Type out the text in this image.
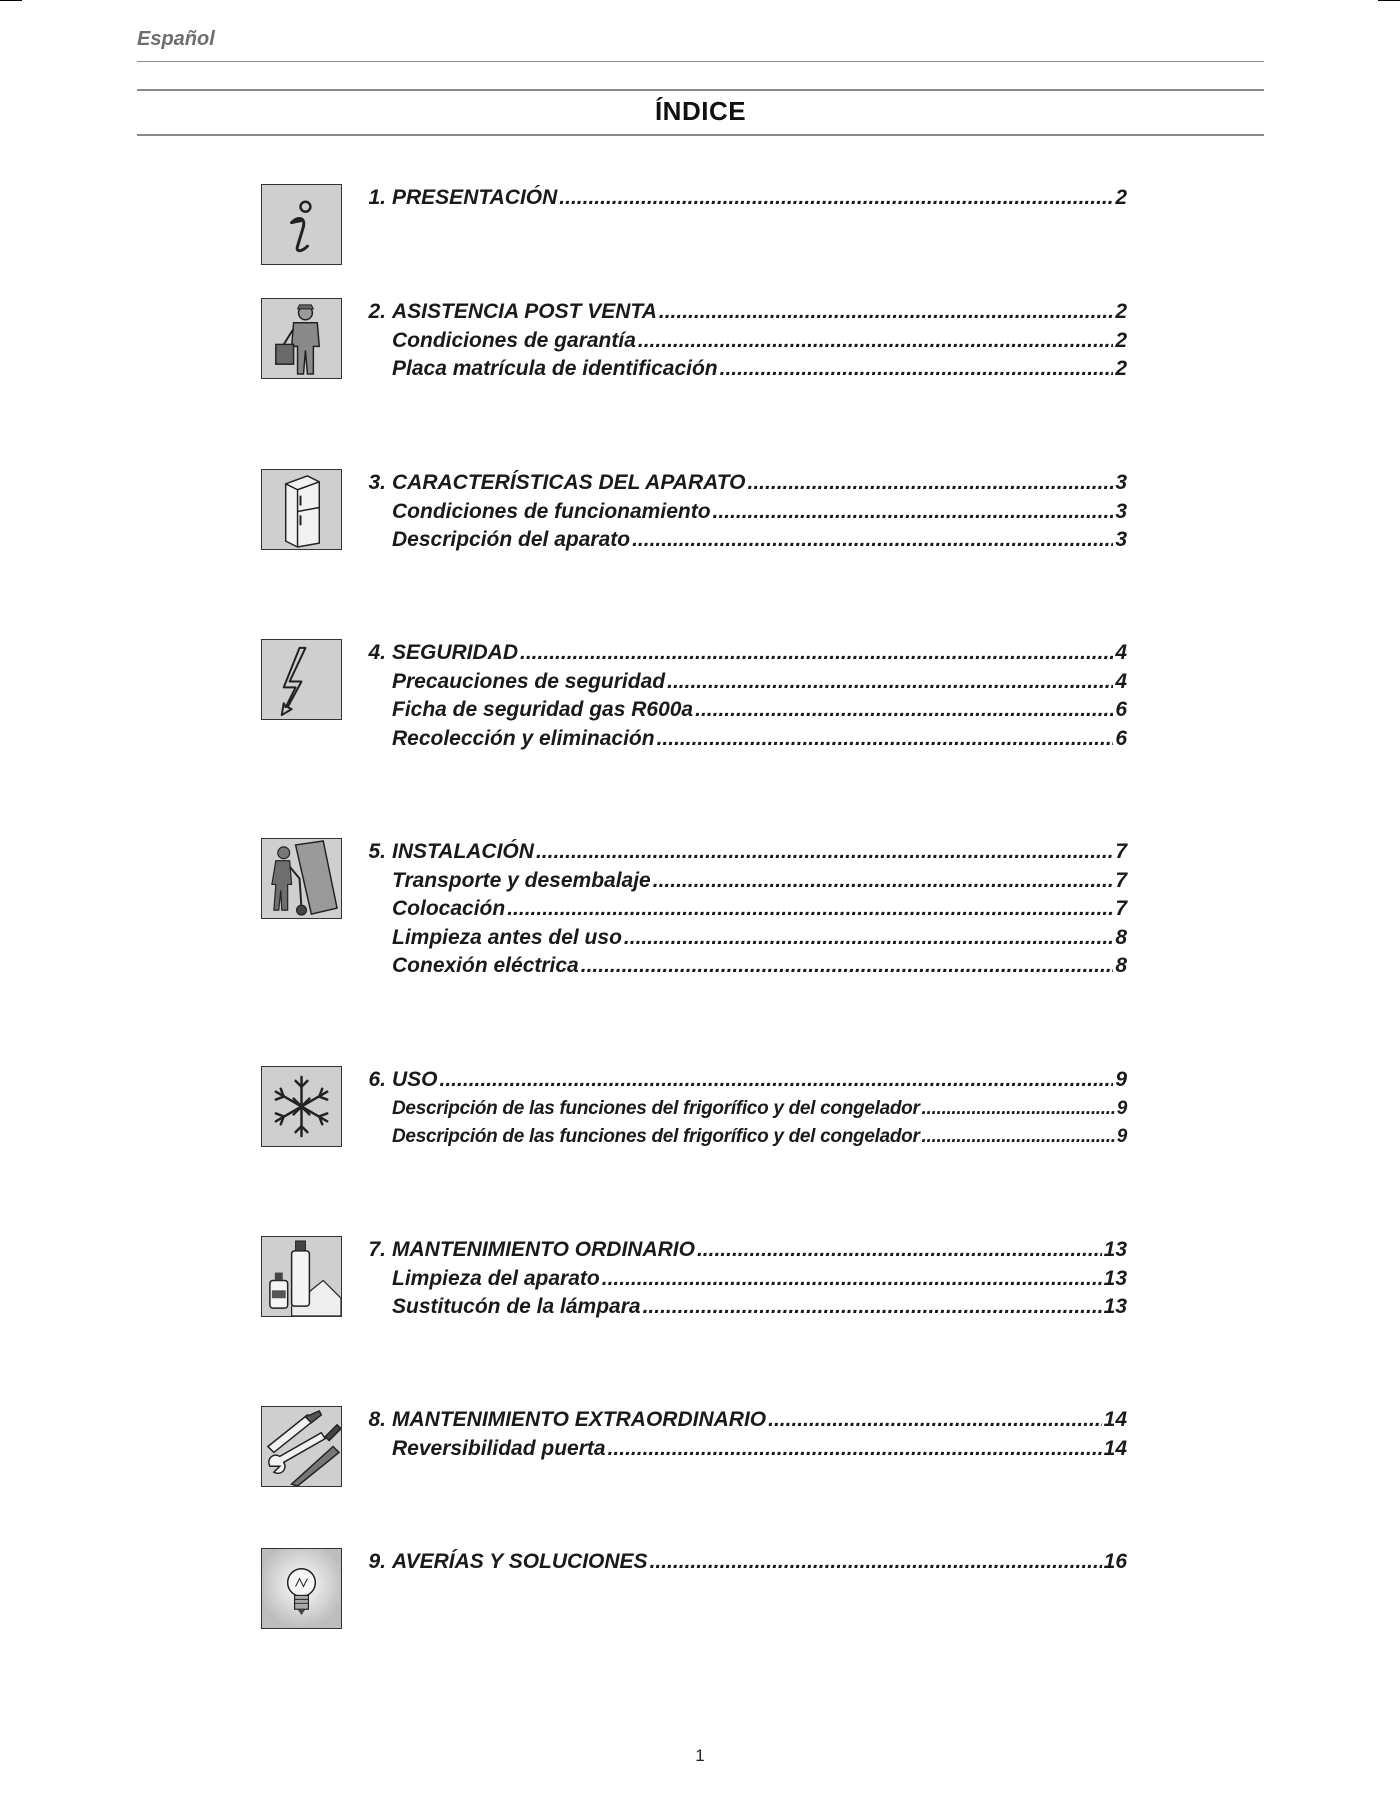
Español
ÍNDICE
1. PRESENTACIÓN .....	2
2. ASISTENCIA POST VENTA .....	2
Condiciones de garantía .....	2
Placa matrícula de identificación .....	2
3. CARACTERÍSTICAS DEL APARATO .....	3
Condiciones de funcionamiento .....	3
Descripción del aparato .....	3
4. SEGURIDAD .....	4
Precauciones de seguridad .....	4
Ficha de seguridad gas R600a .....	6
Recolección y eliminación .....	6
5. INSTALACIÓN .....	7
Transporte y desembalaje .....	7
Colocación .....	7
Limpieza antes del uso .....	8
Conexión eléctrica .....	8
6. USO .....	9
Descripción de las funciones del frigorífico y del congelador .....	9
Descripción de las funciones del frigorífico y del congelador .....	9
7. MANTENIMIENTO ORDINARIO .....	13
Limpieza del aparato .....	13
Sustitucón de la lámpara .....	13
8. MANTENIMIENTO EXTRAORDINARIO .....	14
Reversibilidad puerta .....	14
9. AVERÍAS Y SOLUCIONES .....	16
1
